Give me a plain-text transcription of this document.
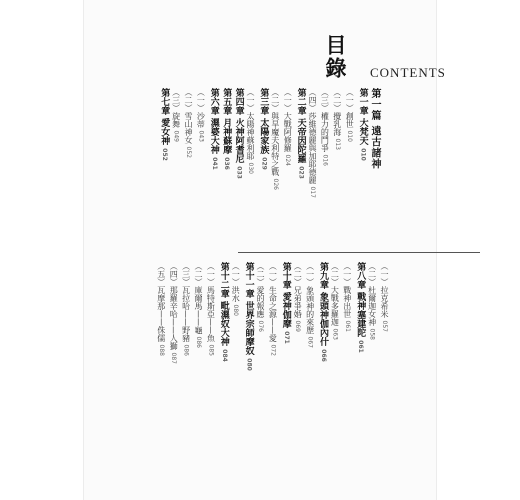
目錄 CONTENTS
第一篇 遠古諸神
第一章 大梵天 010
（一）創世 010
（二）攪乳海 013
（三）權力的鬥爭 016
（四）莎維德麗與加耶德麗 017
第二章 天帝因陀羅 023
（一）大戰阿修羅 024
（二）與旱魔夫利特之戰 026
第三章 太陽家族 029
（一）太陽神蘇利耶 030
第四章 火神阿耆尼 033
第五章 月神蘇摩 036
第六章 濕婆大神 041
（一）沙蒂 043
（二）雪山神女 052
（三）旋舞 049
第七章 愛女神 052
（一）拉克希米 057
（二）杜爾迦女神 058
第八章 戰神塞建陀 061
（一）戰神出世 061
（二）大戰多羅迦 063
第九章 象頭神伽內什 066
（一）象頭神的來歷 067
（二）兄弟爭婚 069
第十章 愛神伽摩 071
（一）生命之源——愛 072
（二）愛的報應 076
第十一章 世界宗師摩奴 080
（一）洪水 080
第十二章 毗濕奴大神 084
（一）馬特斯亞——魚 085
（二）庫爾馬——龜 086
（三）瓦拉哈——野豬 086
（四）那羅辛哈——人獅 087
（五）瓦摩那——侏儒 088
